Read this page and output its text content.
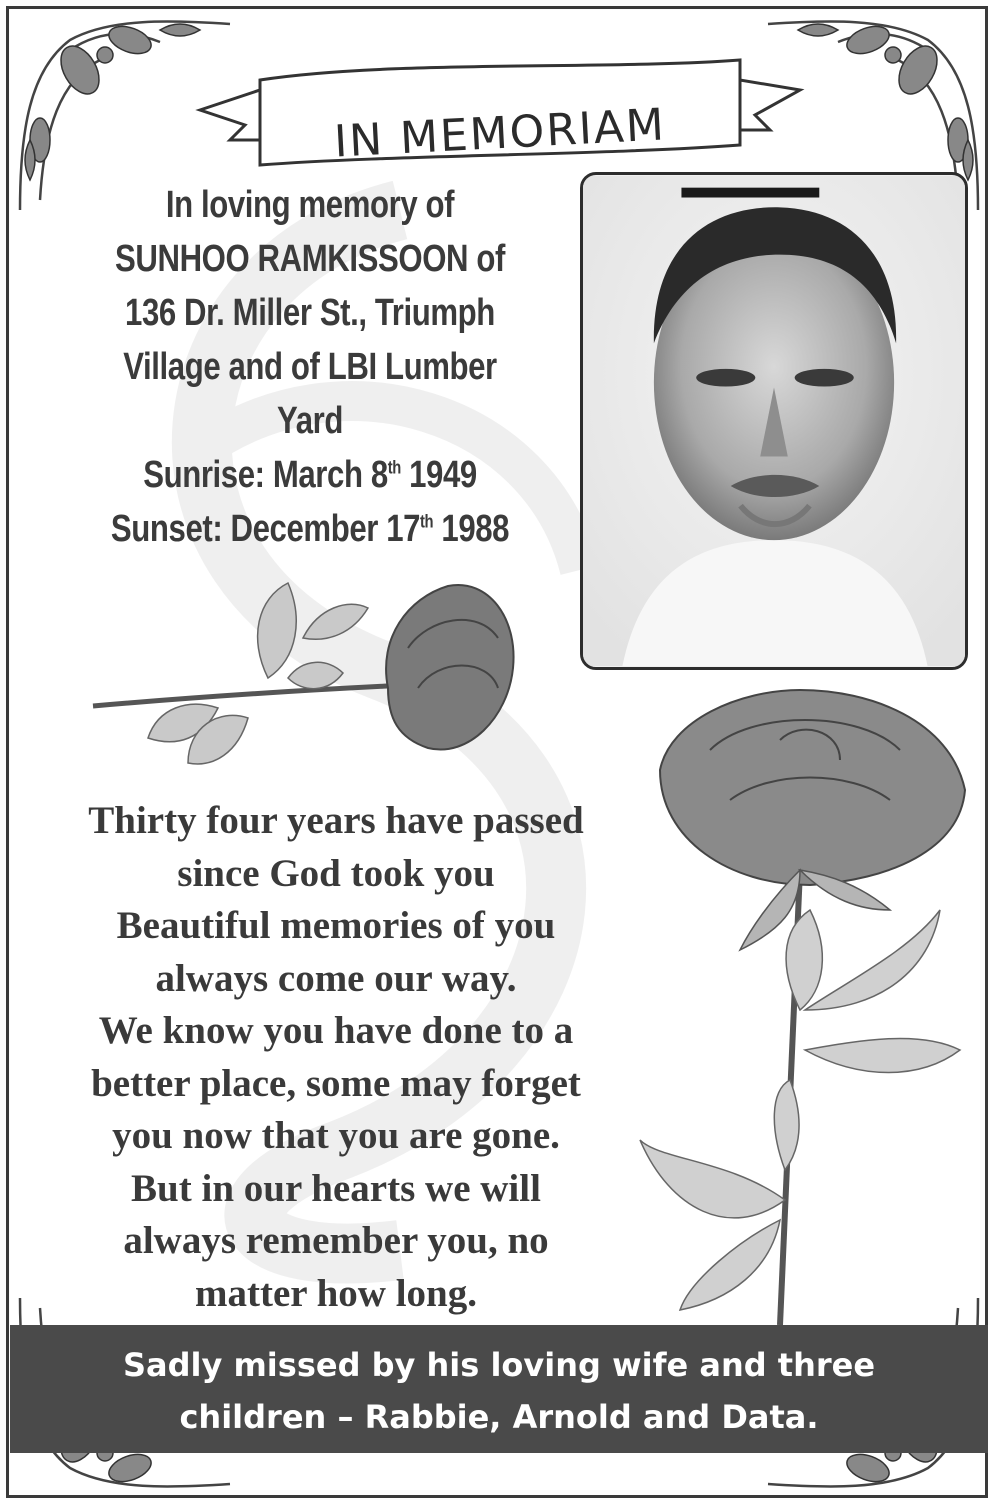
IN MEMORIAM
In loving memory of
SUNHOO RAMKISSOON of
136 Dr. Miller St., Triumph
Village and of LBI Lumber
Yard
Sunrise: March 8th 1949
Sunset: December 17th 1988
Thirty four years have passed
since God took you
Beautiful memories of you
always come our way.
We know you have done to a
better place, some may forget
you now that you are gone.
But in our hearts we will
always remember you, no
matter how long.
Sadly missed by his loving wife and three
children – Rabbie, Arnold and Data.
